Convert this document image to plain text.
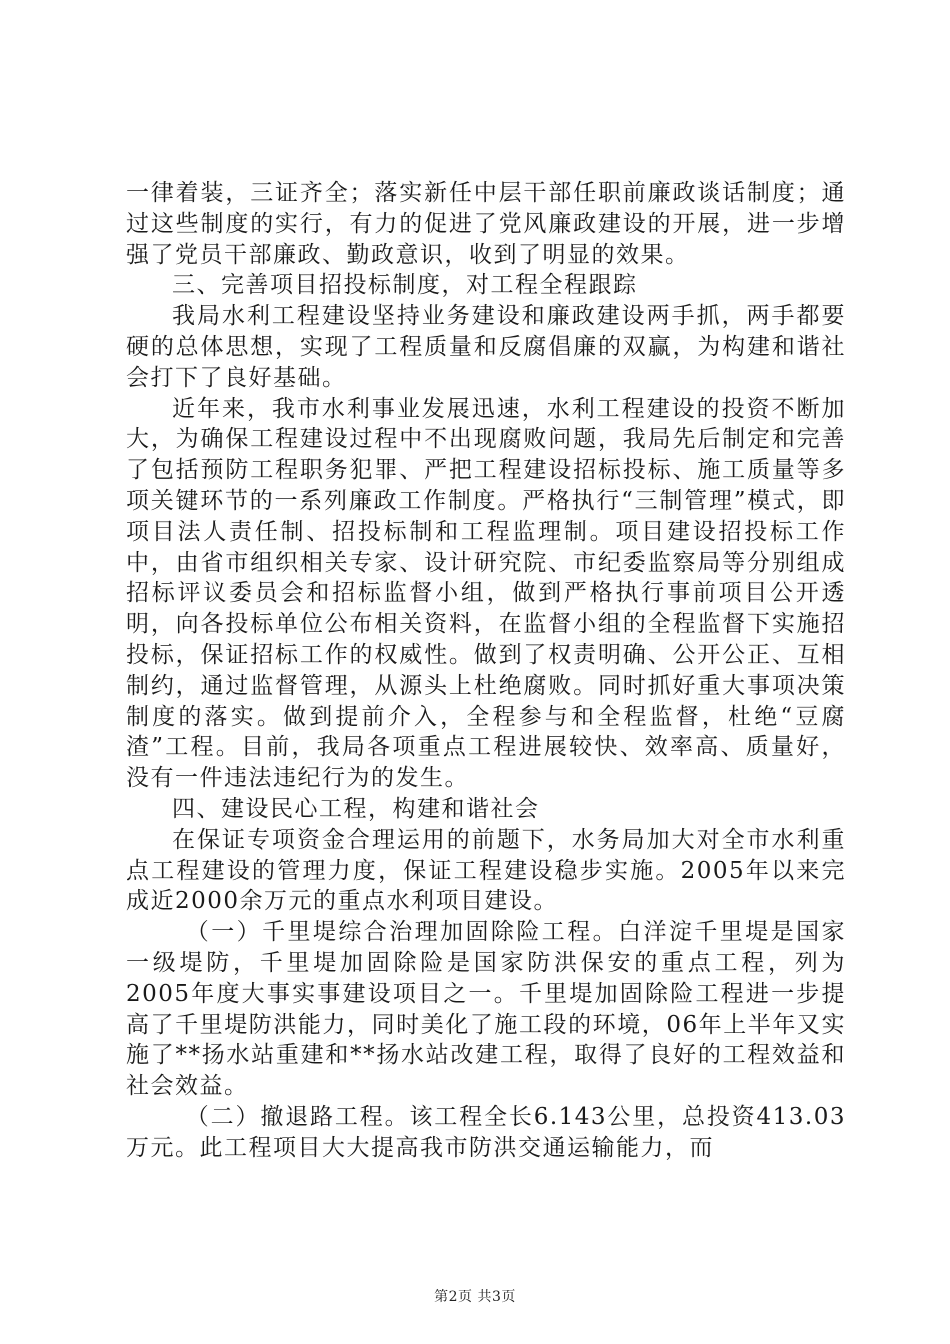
一律着装，三证齐全；落实新任中层干部任职前廉政谈话制度；通过这些制度的实行，有力的促进了党风廉政建设的开展，进一步增强了党员干部廉政、勤政意识，收到了明显的效果。

三、完善项目招投标制度，对工程全程跟踪

我局水利工程建设坚持业务建设和廉政建设两手抓，两手都要硬的总体思想，实现了工程质量和反腐倡廉的双赢，为构建和谐社会打下了良好基础。

近年来，我市水利事业发展迅速，水利工程建设的投资不断加大，为确保工程建设过程中不出现腐败问题，我局先后制定和完善了包括预防工程职务犯罪、严把工程建设招标投标、施工质量等多项关键环节的一系列廉政工作制度。严格执行“三制管理”模式，即项目法人责任制、招投标制和工程监理制。项目建设招投标工作中，由省市组织相关专家、设计研究院、市纪委监察局等分别组成招标评议委员会和招标监督小组，做到严格执行事前项目公开透明，向各投标单位公布相关资料，在监督小组的全程监督下实施招投标，保证招标工作的权威性。做到了权责明确、公开公正、互相制约，通过监督管理，从源头上杜绝腐败。同时抓好重大事项决策制度的落实。做到提前介入，全程参与和全程监督，杜绝“豆腐渣”工程。目前，我局各项重点工程进展较快、效率高、质量好，没有一件违法违纪行为的发生。

四、建设民心工程，构建和谐社会

在保证专项资金合理运用的前题下，水务局加大对全市水利重点工程建设的管理力度，保证工程建设稳步实施。2005年以来完成近2000余万元的重点水利项目建设。

（一）千里堤综合治理加固除险工程。白洋淀千里堤是国家一级堤防，千里堤加固除险是国家防洪保安的重点工程，列为2005年度大事实事建设项目之一。千里堤加固除险工程进一步提高了千里堤防洪能力，同时美化了施工段的环境，06年上半年又实施了**扬水站重建和**扬水站改建工程，取得了良好的工程效益和社会效益。

（二）撤退路工程。该工程全长6.143公里，总投资413.03万元。此工程项目大大提高我市防洪交通运输能力，而

第2页 共3页
